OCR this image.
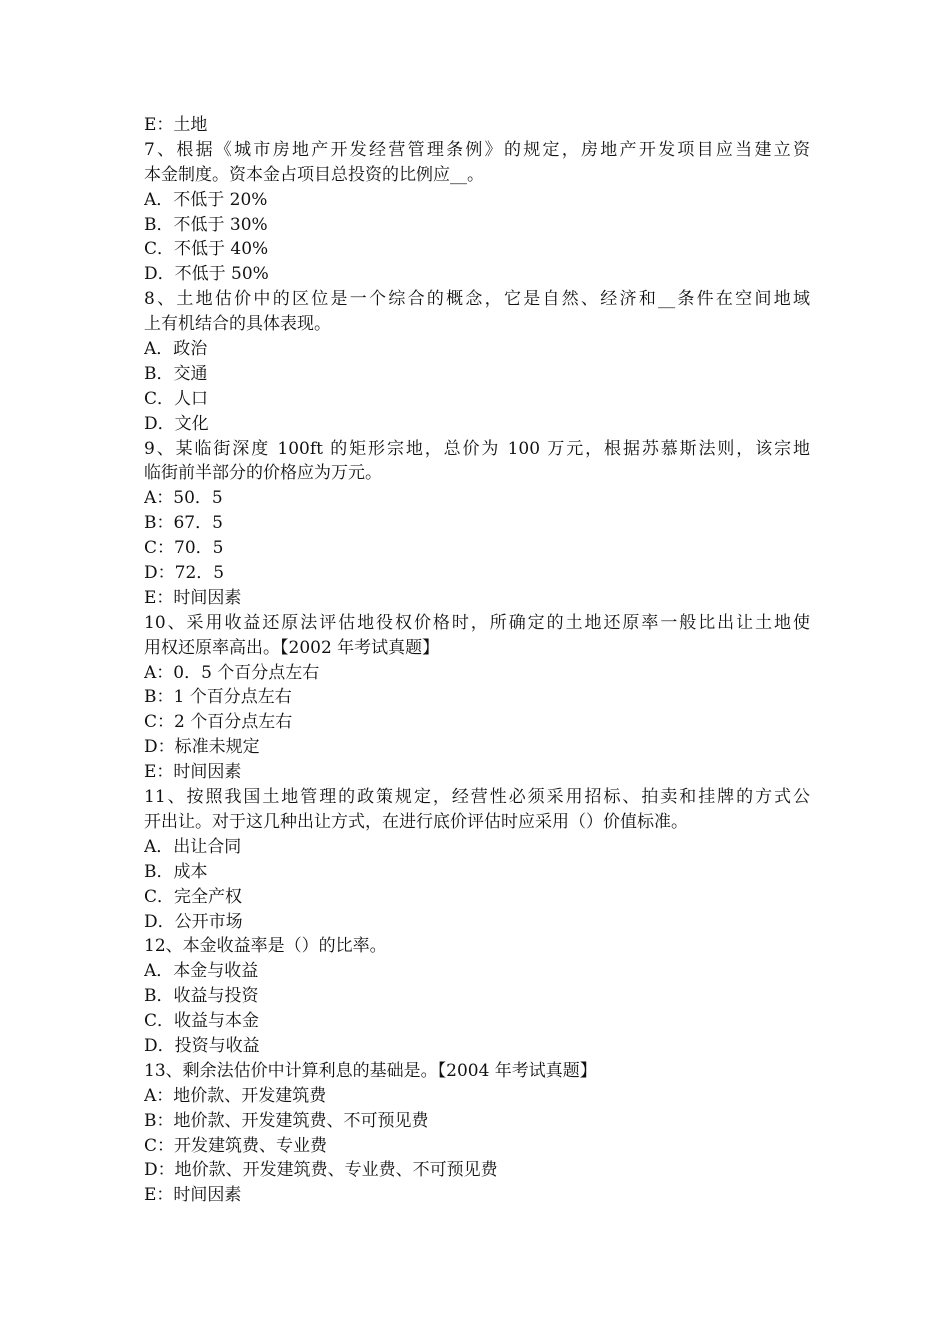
E：土地
7、根据《城市房地产开发经营管理条例》的规定，房地产开发项目应当建立资
本金制度。资本金占项目总投资的比例应__。
A．不低于 20%
B．不低于 30%
C．不低于 40%
D．不低于 50%
8、土地估价中的区位是一个综合的概念，它是自然、经济和__条件在空间地域
上有机结合的具体表现。
A．政治
B．交通
C．人口
D．文化
9、某临街深度 100ft 的矩形宗地，总价为 100 万元，根据苏慕斯法则，该宗地
临街前半部分的价格应为万元。
A：50．5
B：67．5
C：70．5
D：72．5
E：时间因素
10、采用收益还原法评估地役权价格时，所确定的土地还原率一般比出让土地使
用权还原率高出。【2002 年考试真题】
A：0．5 个百分点左右
B：1 个百分点左右
C：2 个百分点左右
D：标准未规定
E：时间因素
11、按照我国土地管理的政策规定，经营性必须采用招标、拍卖和挂牌的方式公
开出让。对于这几种出让方式，在进行底价评估时应采用（）价值标准。
A．出让合同
B．成本
C．完全产权
D．公开市场
12、本金收益率是（）的比率。
A．本金与收益
B．收益与投资
C．收益与本金
D．投资与收益
13、剩余法估价中计算利息的基础是。【2004 年考试真题】
A：地价款、开发建筑费
B：地价款、开发建筑费、不可预见费
C：开发建筑费、专业费
D：地价款、开发建筑费、专业费、不可预见费
E：时间因素
